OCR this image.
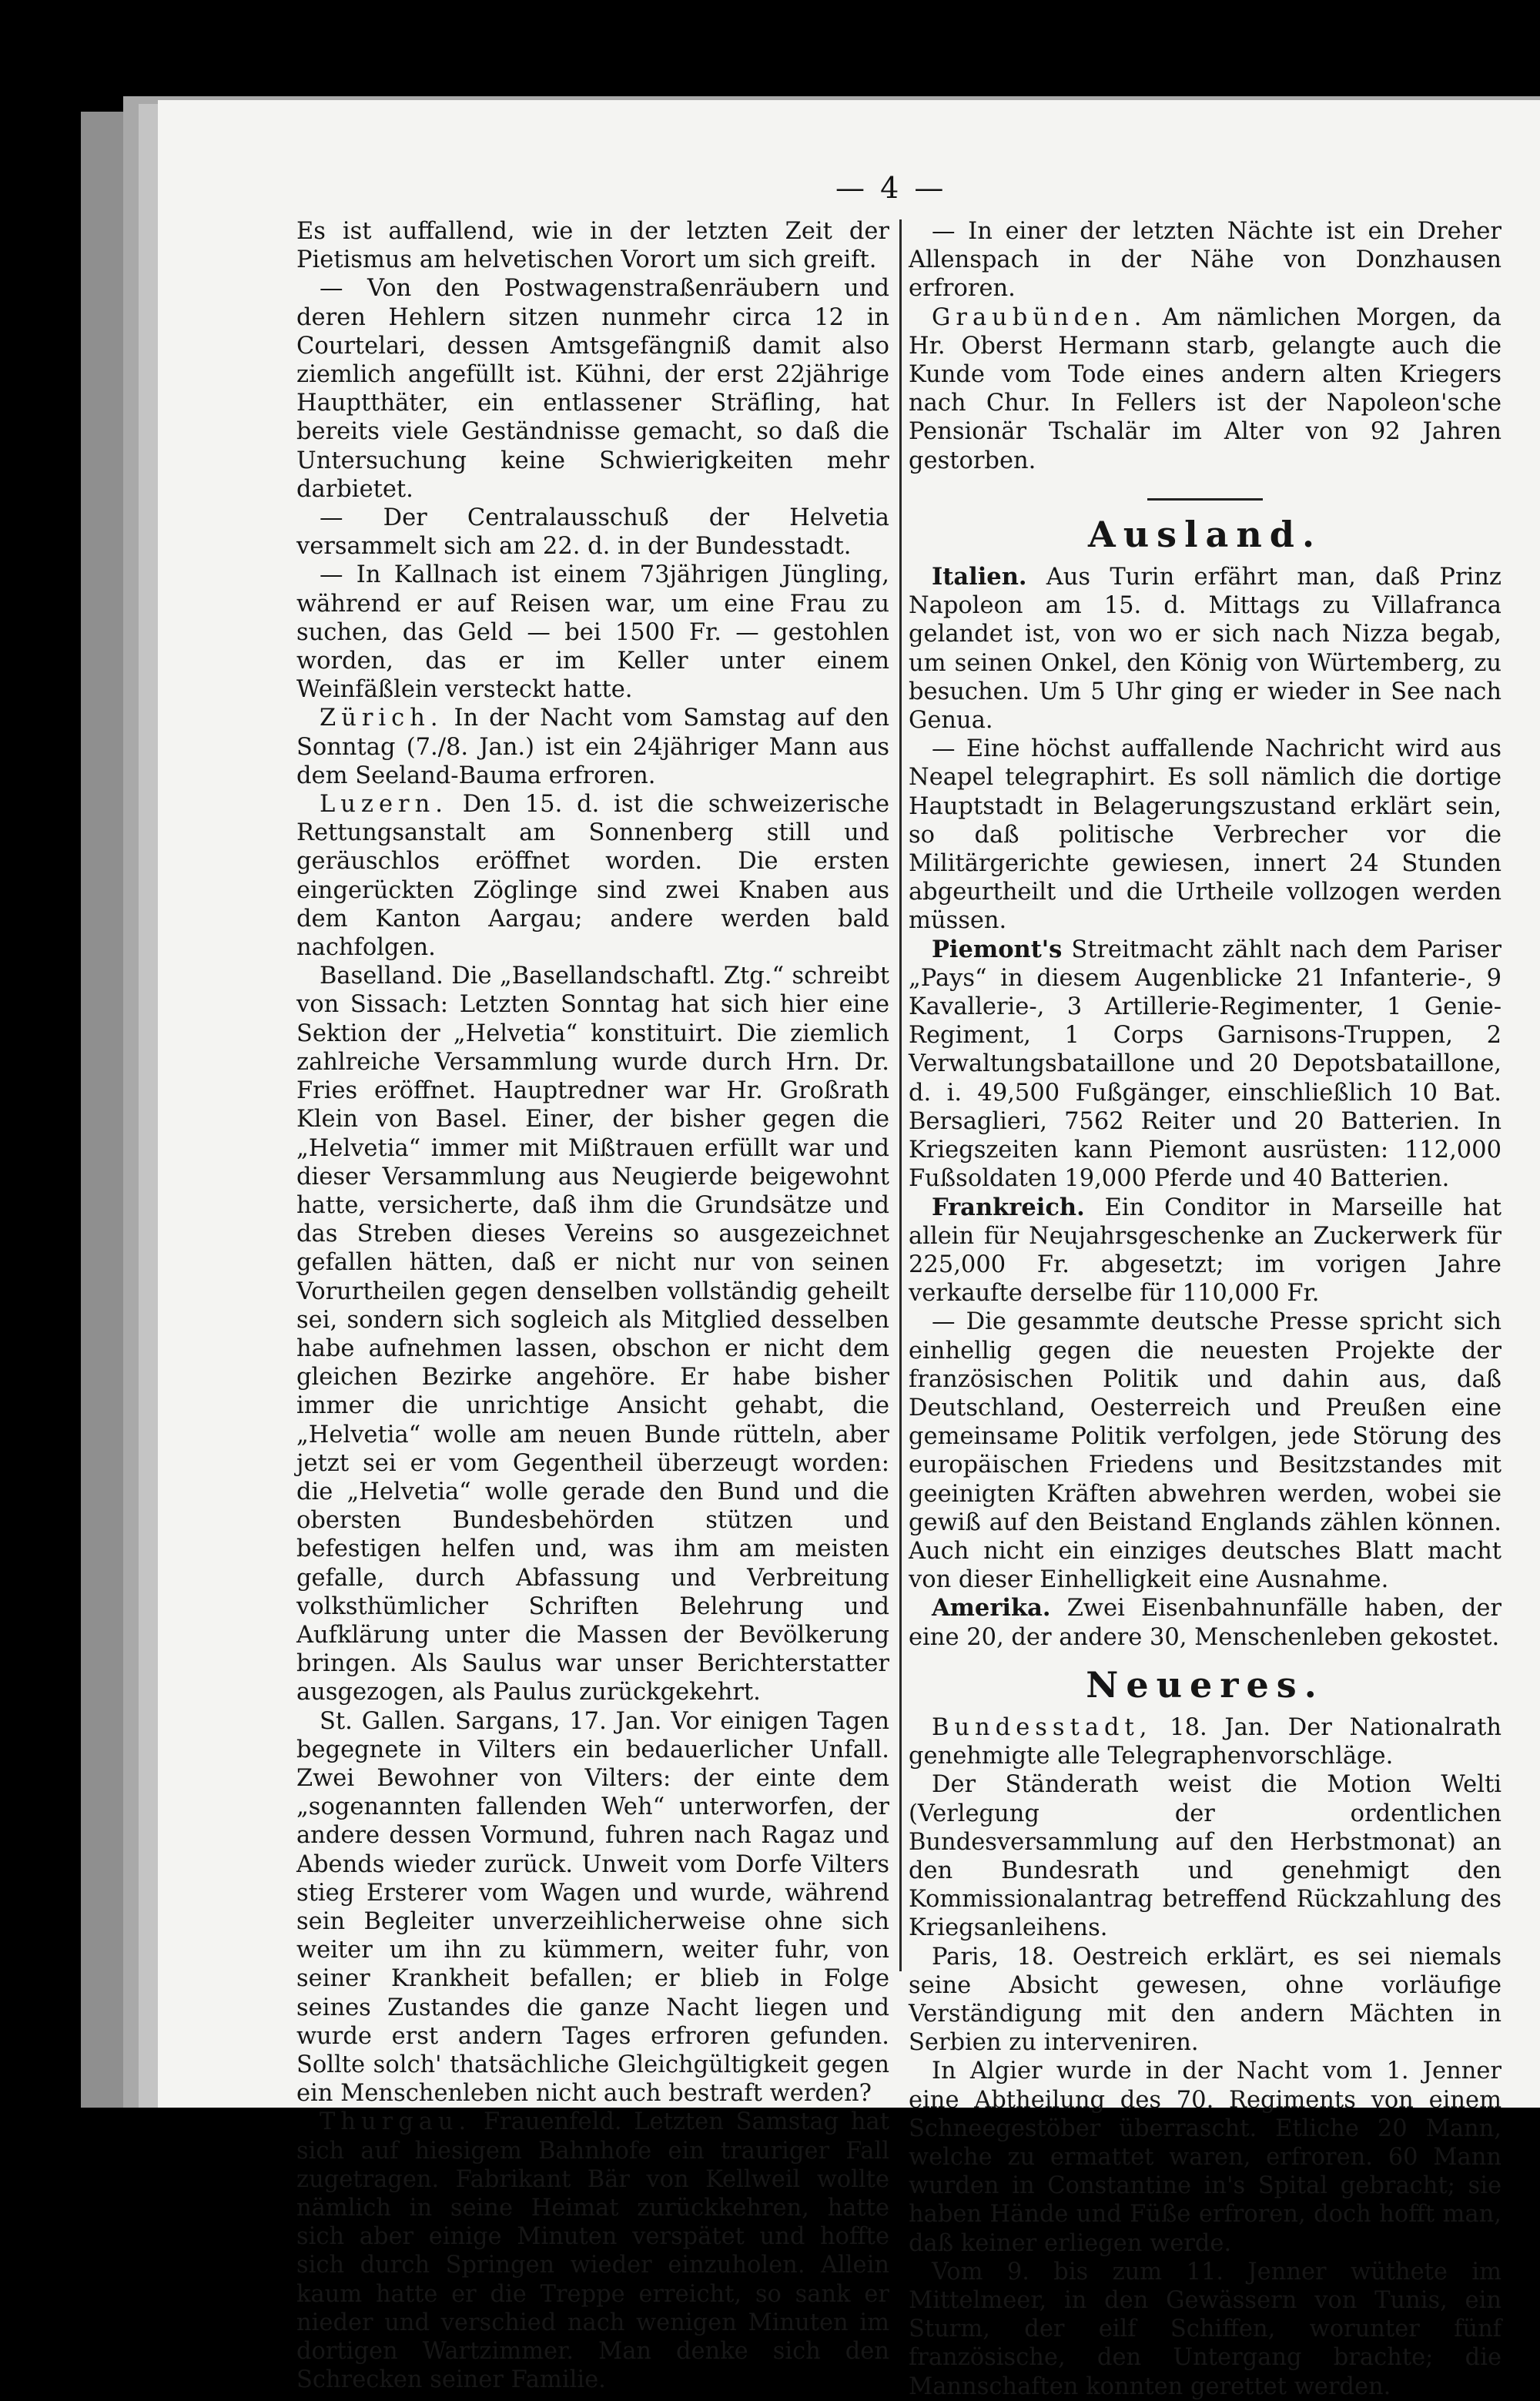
— 4 —

Es ist auffallend, wie in der letzten Zeit der Pietismus am helvetischen Vorort um sich greift.

— Von den Postwagenstraßenräubern und deren Hehlern sitzen nunmehr circa 12 in Courtelari, dessen Amtsgefängniß damit also ziemlich angefüllt ist. Kühni, der erst 22jährige Hauptthäter, ein entlassener Sträfling, hat bereits viele Geständnisse gemacht, so daß die Untersuchung keine Schwierigkeiten mehr darbietet.

— Der Centralausschuß der Helvetia versammelt sich am 22. d. in der Bundesstadt.

— In Kallnach ist einem 73jährigen Jüngling, während er auf Reisen war, um eine Frau zu suchen, das Geld — bei 1500 Fr. — gestohlen worden, das er im Keller unter einem Weinfäßlein versteckt hatte.

Zürich. In der Nacht vom Samstag auf den Sonntag (7./8. Jan.) ist ein 24jähriger Mann aus dem Seeland-Bauma erfroren.

Luzern. Den 15. d. ist die schweizerische Rettungsanstalt am Sonnenberg still und geräuschlos eröffnet worden. Die ersten eingerückten Zöglinge sind zwei Knaben aus dem Kanton Aargau; andere werden bald nachfolgen.

Baselland. Die „Basellandschaftl. Ztg.“ schreibt von Sissach: Letzten Sonntag hat sich hier eine Sektion der „Helvetia“ konstituirt. Die ziemlich zahlreiche Versammlung wurde durch Hrn. Dr. Fries eröffnet. Hauptredner war Hr. Großrath Klein von Basel. Einer, der bisher gegen die „Helvetia“ immer mit Mißtrauen erfüllt war und dieser Versammlung aus Neugierde beigewohnt hatte, versicherte, daß ihm die Grundsätze und das Streben dieses Vereins so ausgezeichnet gefallen hätten, daß er nicht nur von seinen Vorurtheilen gegen denselben vollständig geheilt sei, sondern sich sogleich als Mitglied desselben habe aufnehmen lassen, obschon er nicht dem gleichen Bezirke angehöre. Er habe bisher immer die unrichtige Ansicht gehabt, die „Helvetia“ wolle am neuen Bunde rütteln, aber jetzt sei er vom Gegentheil überzeugt worden: die „Helvetia“ wolle gerade den Bund und die obersten Bundesbehörden stützen und befestigen helfen und, was ihm am meisten gefalle, durch Abfassung und Verbreitung volksthümlicher Schriften Belehrung und Aufklärung unter die Massen der Bevölkerung bringen. Als Saulus war unser Berichterstatter ausgezogen, als Paulus zurückgekehrt.

St. Gallen. Sargans, 17. Jan. Vor einigen Tagen begegnete in Vilters ein bedauerlicher Unfall. Zwei Bewohner von Vilters: der einte dem „sogenannten fallenden Weh“ unterworfen, der andere dessen Vormund, fuhren nach Ragaz und Abends wieder zurück. Unweit vom Dorfe Vilters stieg Ersterer vom Wagen und wurde, während sein Begleiter unverzeihlicherweise ohne sich weiter um ihn zu kümmern, weiter fuhr, von seiner Krankheit befallen; er blieb in Folge seines Zustandes die ganze Nacht liegen und wurde erst andern Tages erfroren gefunden. Sollte solch' thatsächliche Gleichgültigkeit gegen ein Menschenleben nicht auch bestraft werden?

Thurgau. Frauenfeld. Letzten Samstag hat sich auf hiesigem Bahnhofe ein trauriger Fall zugetragen. Fabrikant Bär von Kellweil wollte nämlich in seine Heimat zurückkehren, hatte sich aber einige Minuten verspätet und hoffte sich durch Springen wieder einzuholen. Allein kaum hatte er die Treppe erreicht, so sank er nieder und verschied nach wenigen Minuten im dortigen Wartzimmer. Man denke sich den Schrecken seiner Familie.

— In einer der letzten Nächte ist ein Dreher Allenspach in der Nähe von Donzhausen erfroren.

Graubünden. Am nämlichen Morgen, da Hr. Oberst Hermann starb, gelangte auch die Kunde vom Tode eines andern alten Kriegers nach Chur. In Fellers ist der Napoleon'sche Pensionär Tschalär im Alter von 92 Jahren gestorben.

Ausland.

Italien. Aus Turin erfährt man, daß Prinz Napoleon am 15. d. Mittags zu Villafranca gelandet ist, von wo er sich nach Nizza begab, um seinen Onkel, den König von Würtemberg, zu besuchen. Um 5 Uhr ging er wieder in See nach Genua.

— Eine höchst auffallende Nachricht wird aus Neapel telegraphirt. Es soll nämlich die dortige Hauptstadt in Belagerungszustand erklärt sein, so daß politische Verbrecher vor die Militärgerichte gewiesen, innert 24 Stunden abgeurtheilt und die Urtheile vollzogen werden müssen.

Piemont's Streitmacht zählt nach dem Pariser „Pays“ in diesem Augenblicke 21 Infanterie-, 9 Kavallerie-, 3 Artillerie-Regimenter, 1 Genie-Regiment, 1 Corps Garnisons-Truppen, 2 Verwaltungsbataillone und 20 Depotsbataillone, d. i. 49,500 Fußgänger, einschließlich 10 Bat. Bersaglieri, 7562 Reiter und 20 Batterien. In Kriegszeiten kann Piemont ausrüsten: 112,000 Fußsoldaten 19,000 Pferde und 40 Batterien.

Frankreich. Ein Conditor in Marseille hat allein für Neujahrsgeschenke an Zuckerwerk für 225,000 Fr. abgesetzt; im vorigen Jahre verkaufte derselbe für 110,000 Fr.

— Die gesammte deutsche Presse spricht sich einhellig gegen die neuesten Projekte der französischen Politik und dahin aus, daß Deutschland, Oesterreich und Preußen eine gemeinsame Politik verfolgen, jede Störung des europäischen Friedens und Besitzstandes mit geeinigten Kräften abwehren werden, wobei sie gewiß auf den Beistand Englands zählen können. Auch nicht ein einziges deutsches Blatt macht von dieser Einhelligkeit eine Ausnahme.

Amerika. Zwei Eisenbahnunfälle haben, der eine 20, der andere 30, Menschenleben gekostet.

Neueres.

Bundesstadt, 18. Jan. Der Nationalrath genehmigte alle Telegraphenvorschläge.

Der Ständerath weist die Motion Welti (Verlegung der ordentlichen Bundesversammlung auf den Herbstmonat) an den Bundesrath und genehmigt den Kommissionalantrag betreffend Rückzahlung des Kriegsanleihens.

Paris, 18. Oestreich erklärt, es sei niemals seine Absicht gewesen, ohne vorläufige Verständigung mit den andern Mächten in Serbien zu interveniren.

In Algier wurde in der Nacht vom 1. Jenner eine Abtheilung des 70. Regiments von einem Schneegestöber überrascht. Etliche 20 Mann, welche zu ermattet waren, erfroren. 60 Mann wurden in Constantine in's Spital gebracht; sie haben Hände und Füße erfroren, doch hofft man, daß keiner erliegen werde.

Vom 9. bis zum 11. Jenner wüthete im Mittelmeer, in den Gewässern von Tunis, ein Sturm, der eilf Schiffen, worunter fünf französische, den Untergang brachte; die Mannschaften konnten gerettet werden.
